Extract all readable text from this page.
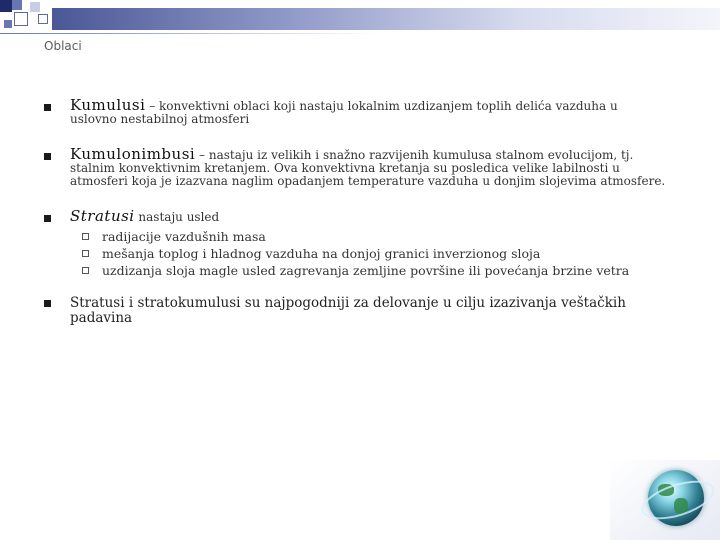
Oblaci
Kumulusi – konvektivni oblaci koji nastaju lokalnim uzdizanjem toplih delića vazduha u
uslovno nestabilnoj atmosferi
Kumulonimbusi – nastaju iz velikih i snažno razvijenih kumulusa stalnom evolucijom, tj.
stalnim konvektivnim kretanjem. Ova konvektivna kretanja su posledica velike labilnosti u
atmosferi koja je izazvana naglim opadanjem temperature vazduha u donjim slojevima atmosfere.
Stratusi nastaju usled
radijacije vazdušnih masa
mešanja toplog i hladnog vazduha na donjoj granici inverzionog sloja
uzdizanja sloja magle usled zagrevanja zemljine površine ili povećanja brzine vetra
Stratusi i stratokumulusi su najpogodniji za delovanje u cilju izazivanja veštačkih
padavina
